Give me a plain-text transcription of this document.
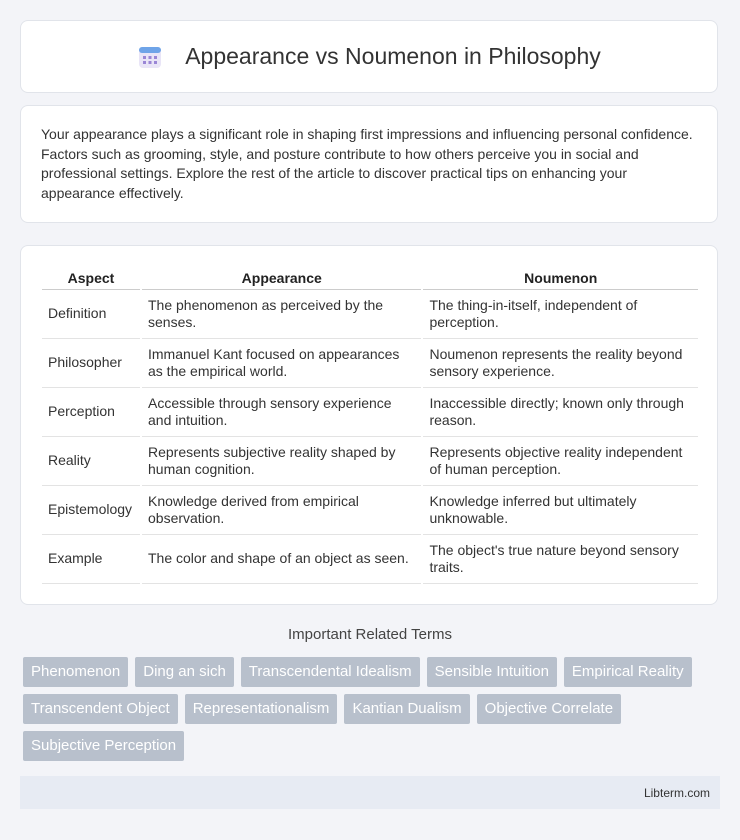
Appearance vs Noumenon in Philosophy

Your appearance plays a significant role in shaping first impressions and influencing personal confidence. Factors such as grooming, style, and posture contribute to how others perceive you in social and professional settings. Explore the rest of the article to discover practical tips on enhancing your appearance effectively.

Aspect	Appearance	Noumenon
Definition	The phenomenon as perceived by the senses.	The thing-in-itself, independent of perception.
Philosopher	Immanuel Kant focused on appearances as the empirical world.	Noumenon represents the reality beyond sensory experience.
Perception	Accessible through sensory experience and intuition.	Inaccessible directly; known only through reason.
Reality	Represents subjective reality shaped by human cognition.	Represents objective reality independent of human perception.
Epistemology	Knowledge derived from empirical observation.	Knowledge inferred but ultimately unknowable.
Example	The color and shape of an object as seen.	The object's true nature beyond sensory traits.
Important Related Terms
Phenomenon	Ding an sich	Transcendental Idealism	Sensible Intuition	Empirical Reality
Transcendent Object	Representationalism	Kantian Dualism	Objective Correlate
Subjective Perception
Libterm.com
